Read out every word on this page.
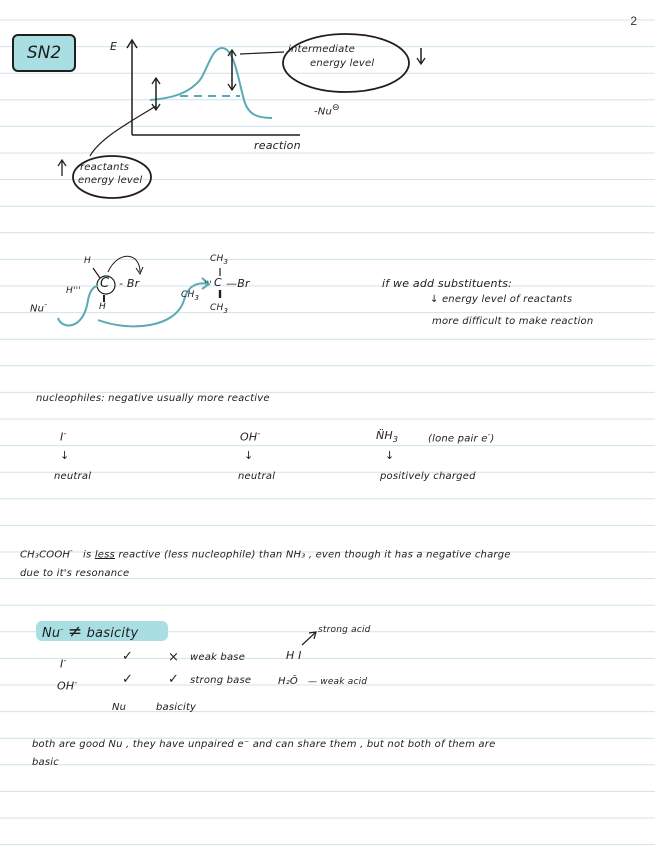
2
SN2	E
reaction
intermediate
energy level
-Nu⊖
reactants
energy level
H
H''' C - Br
H
Nu-
$CH_3$
$CH_3$
''' C —Br
$CH_3$
if we add substituents:
↓ energy level of reactants
more difficult to make reaction
nucleophiles: negative usually more reactive
I-
↓
neutral
OH-
↓
neutral
$N̈H_3$	(lone pair e-)
↓
positively charged
CH₃COOH- is less reactive (less nucleophile) than NH₃ , even though it has a negative charge
due to it's resonance
Nu- ≠ basicity	strong acid
I-	✓	× weak base	H I
OH-	✓	✓ strong base	H₂Ō — weak acid
Nu	basicity
both are good Nu , they have unpaired e⁻ and can share them , but not both of them are
basic
